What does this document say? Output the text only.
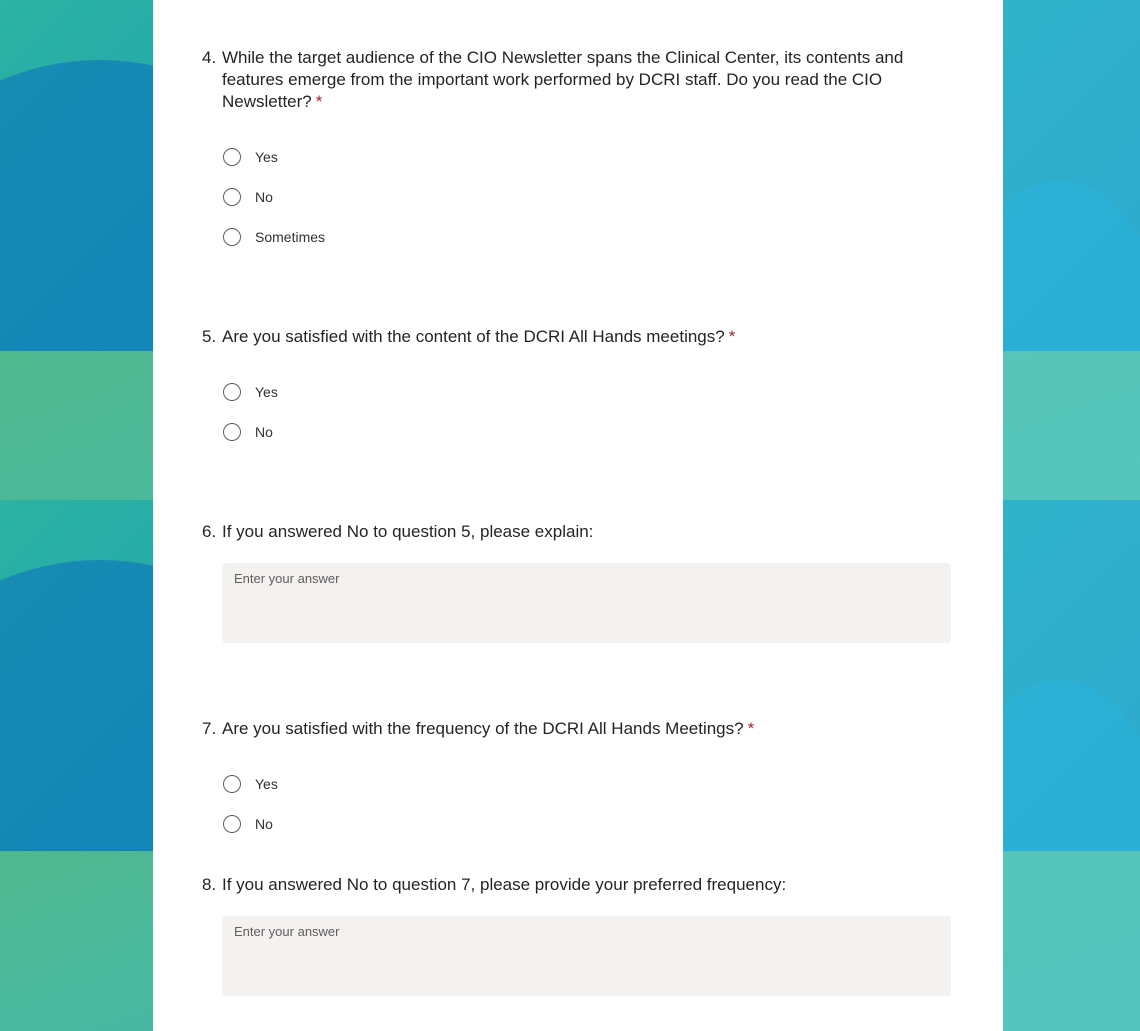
4. While the target audience of the CIO Newsletter spans the Clinical Center, its contents and features emerge from the important work performed by DCRI staff. Do you read the CIO Newsletter? *
Yes
No
Sometimes
5. Are you satisfied with the content of the DCRI All Hands meetings? *
Yes
No
6. If you answered No to question 5, please explain:
Enter your answer
7. Are you satisfied with the frequency of the DCRI All Hands Meetings? *
Yes
No
8. If you answered No to question 7, please provide your preferred frequency:
Enter your answer
